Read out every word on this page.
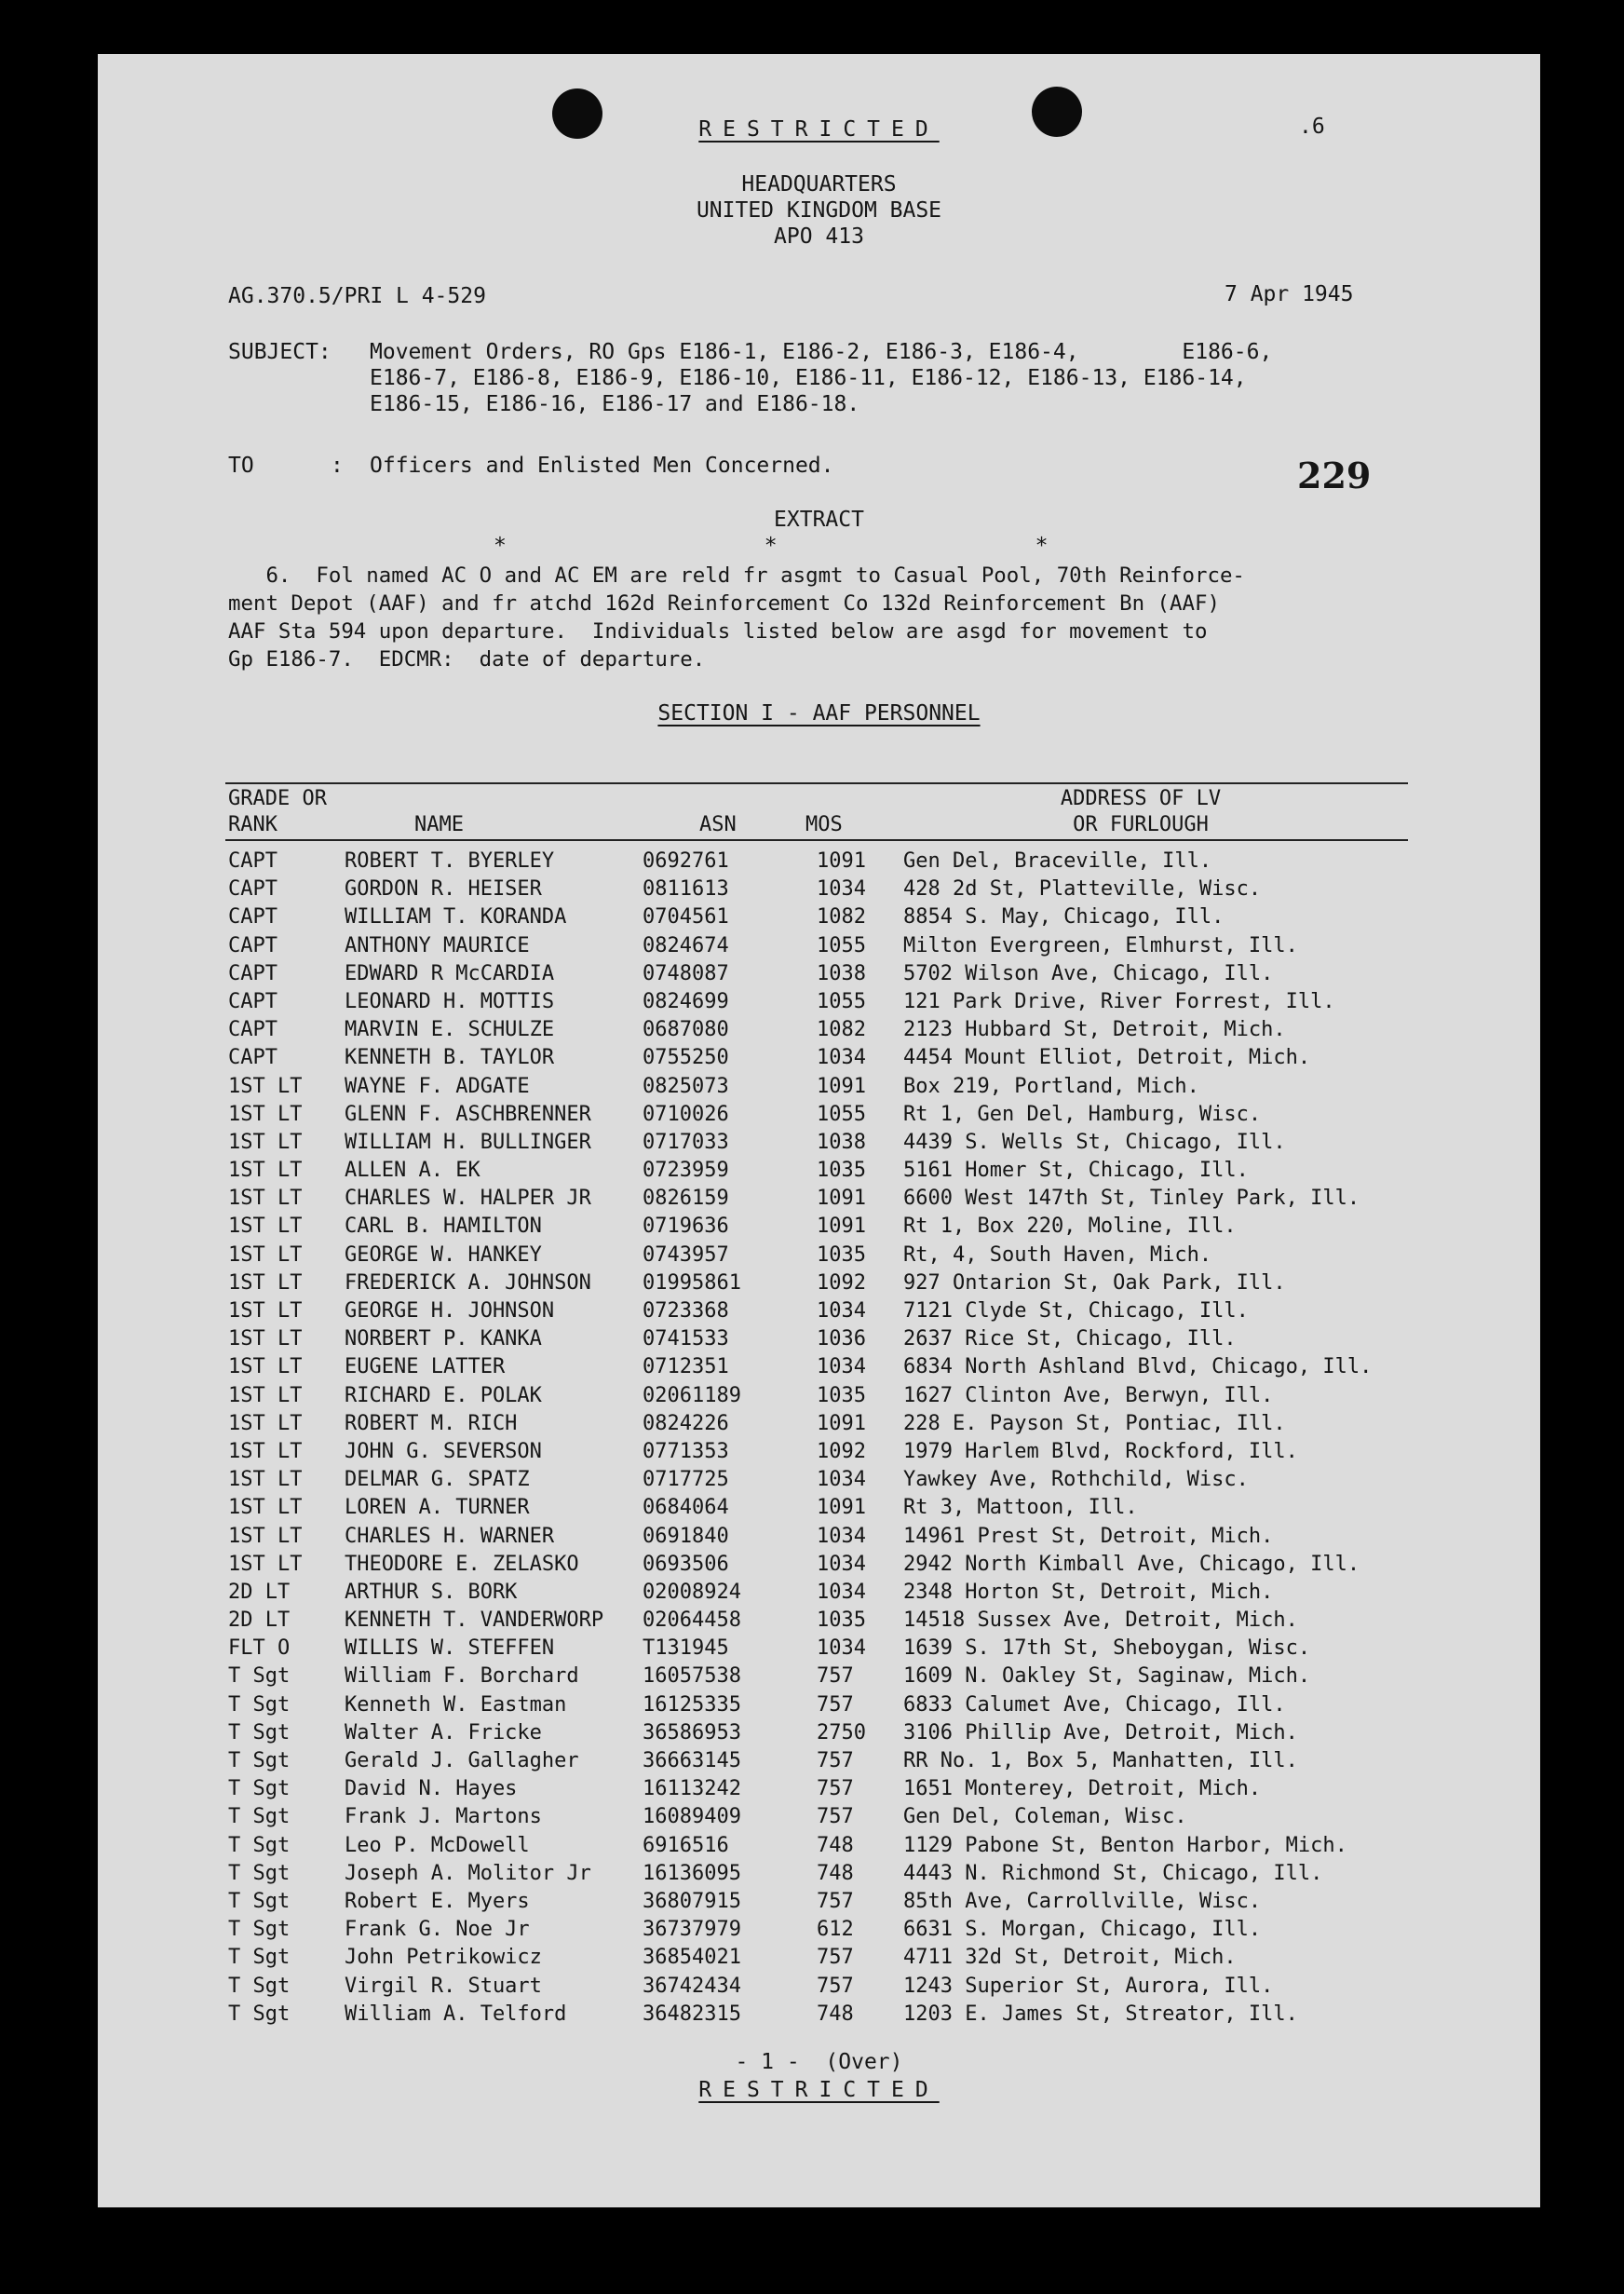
RESTRICTED	.6
HEADQUARTERS
UNITED KINGDOM BASE
APO 413
AG.370.5/PRI L 4-529	7 Apr 1945
SUBJECT: Movement Orders, RO Gps E186-1, E186-2, E186-3, E186-4,        E186-6,
E186-7, E186-8, E186-9, E186-10, E186-11, E186-12, E186-13, E186-14,
E186-15, E186-16, E186-17 and E186-18.
TO	: Officers and Enlisted Men Concerned.	229
EXTRACT
*                    *                    *
6.  Fol named AC O and AC EM are reld fr asgmt to Casual Pool, 70th Reinforce-
ment Depot (AAF) and fr atchd 162d Reinforcement Co 132d Reinforcement Bn (AAF)
AAF Sta 594 upon departure.  Individuals listed below are asgd for movement to
Gp E186-7.  EDCMR:  date of departure.
SECTION I - AAF PERSONNEL
GRADE OR
RANK	NAME	ASN	MOS
ADDRESS OF LV
OR FURLOUGH
- 1 - (Over)
RESTRICTED
CAPT	ROBERT T. BYERLEY	0692761	1091 Gen Del, Braceville, Ill.
CAPT	GORDON R. HEISER	0811613	1034 428 2d St, Platteville, Wisc.
CAPT	WILLIAM T. KORANDA	0704561	1082 8854 S. May, Chicago, Ill.
CAPT	ANTHONY MAURICE	0824674	1055 Milton Evergreen, Elmhurst, Ill.
CAPT	EDWARD R McCARDIA	0748087	1038 5702 Wilson Ave, Chicago, Ill.
CAPT	LEONARD H. MOTTIS	0824699	1055 121 Park Drive, River Forrest, Ill.
CAPT	MARVIN E. SCHULZE	0687080	1082 2123 Hubbard St, Detroit, Mich.
CAPT	KENNETH B. TAYLOR	0755250	1034 4454 Mount Elliot, Detroit, Mich.
1ST LT WAYNE F. ADGATE	0825073	1091 Box 219, Portland, Mich.
1ST LT GLENN F. ASCHBRENNER	0710026	1055 Rt 1, Gen Del, Hamburg, Wisc.
1ST LT WILLIAM H. BULLINGER	0717033	1038 4439 S. Wells St, Chicago, Ill.
1ST LT ALLEN A. EK	0723959	1035 5161 Homer St, Chicago, Ill.
1ST LT CHARLES W. HALPER JR	0826159	1091 6600 West 147th St, Tinley Park, Ill.
1ST LT CARL B. HAMILTON	0719636	1091 Rt 1, Box 220, Moline, Ill.
1ST LT GEORGE W. HANKEY	0743957	1035 Rt, 4, South Haven, Mich.
1ST LT FREDERICK A. JOHNSON	01995861	1092 927 Ontarion St, Oak Park, Ill.
1ST LT GEORGE H. JOHNSON	0723368	1034 7121 Clyde St, Chicago, Ill.
1ST LT NORBERT P. KANKA	0741533	1036 2637 Rice St, Chicago, Ill.
1ST LT EUGENE LATTER	0712351	1034 6834 North Ashland Blvd, Chicago, Ill.
1ST LT RICHARD E. POLAK	02061189	1035 1627 Clinton Ave, Berwyn, Ill.
1ST LT ROBERT M. RICH	0824226	1091 228 E. Payson St, Pontiac, Ill.
1ST LT JOHN G. SEVERSON	0771353	1092 1979 Harlem Blvd, Rockford, Ill.
1ST LT DELMAR G. SPATZ	0717725	1034 Yawkey Ave, Rothchild, Wisc.
1ST LT LOREN A. TURNER	0684064	1091 Rt 3, Mattoon, Ill.
1ST LT CHARLES H. WARNER	0691840	1034 14961 Prest St, Detroit, Mich.
1ST LT THEODORE E. ZELASKO	0693506	1034 2942 North Kimball Ave, Chicago, Ill.
2D LT	ARTHUR S. BORK	02008924	1034 2348 Horton St, Detroit, Mich.
2D LT	KENNETH T. VANDERWORP 02064458	1035 14518 Sussex Ave, Detroit, Mich.
FLT O	WILLIS W. STEFFEN	T131945	1034 1639 S. 17th St, Sheboygan, Wisc.
T Sgt	William F. Borchard	16057538	757 1609 N. Oakley St, Saginaw, Mich.
T Sgt	Kenneth W. Eastman	16125335	757 6833 Calumet Ave, Chicago, Ill.
T Sgt	Walter A. Fricke	36586953	2750 3106 Phillip Ave, Detroit, Mich.
T Sgt	Gerald J. Gallagher	36663145	757 RR No. 1, Box 5, Manhatten, Ill.
T Sgt	David N. Hayes	16113242	757 1651 Monterey, Detroit, Mich.
T Sgt	Frank J. Martons	16089409	757 Gen Del, Coleman, Wisc.
T Sgt	Leo P. McDowell	6916516	748 1129 Pabone St, Benton Harbor, Mich.
T Sgt	Joseph A. Molitor Jr	16136095	748 4443 N. Richmond St, Chicago, Ill.
T Sgt	Robert E. Myers	36807915	757 85th Ave, Carrollville, Wisc.
T Sgt	Frank G. Noe Jr	36737979	612 6631 S. Morgan, Chicago, Ill.
T Sgt	John Petrikowicz	36854021	757 4711 32d St, Detroit, Mich.
T Sgt	Virgil R. Stuart	36742434	757 1243 Superior St, Aurora, Ill.
T Sgt	William A. Telford	36482315	748 1203 E. James St, Streator, Ill.
